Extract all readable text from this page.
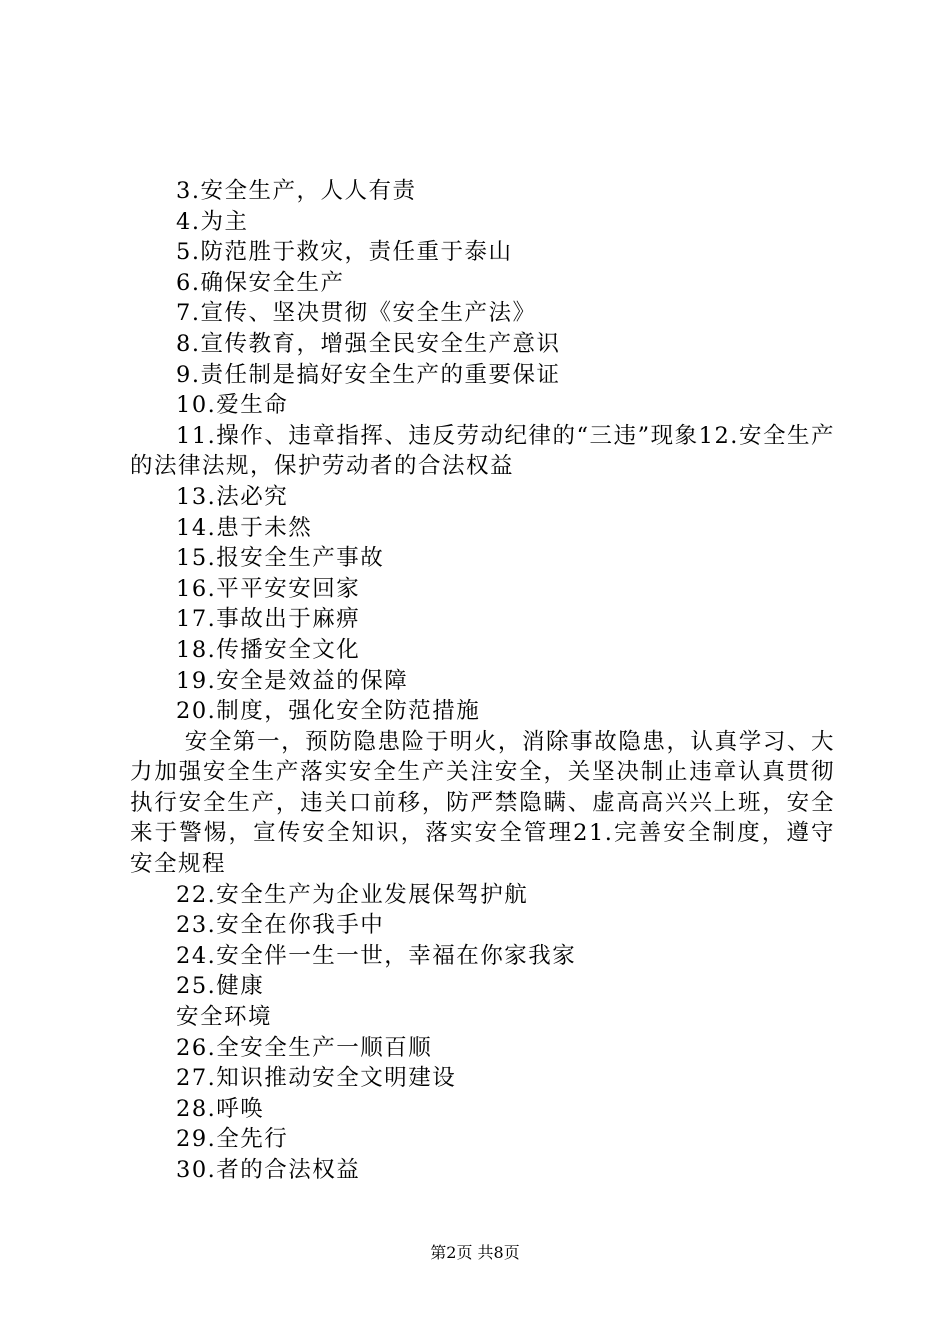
3.安全生产，人人有责

4.为主

5.防范胜于救灾，责任重于泰山

6.确保安全生产

7.宣传、坚决贯彻《安全生产法》

8.宣传教育，增强全民安全生产意识

9.责任制是搞好安全生产的重要保证

10.爱生命

11.操作、违章指挥、违反劳动纪律的“三违”现象12.安全生产的法律法规，保护劳动者的合法权益

13.法必究

14.患于未然

15.报安全生产事故

16.平平安安回家

17.事故出于麻痹

18.传播安全文化

19.安全是效益的保障

20.制度，强化安全防范措施

安全第一，预防隐患险于明火，消除事故隐患，认真学习、大力加强安全生产落实安全生产关注安全，关坚决制止违章认真贯彻执行安全生产，违关口前移，防严禁隐瞒、虚高高兴兴上班，安全来于警惕，宣传安全知识，落实安全管理21.完善安全制度，遵守安全规程

22.安全生产为企业发展保驾护航

23.安全在你我手中

24.安全伴一生一世，幸福在你家我家

25.健康

安全环境

26.全安全生产一顺百顺

27.知识推动安全文明建设

28.呼唤

29.全先行

30.者的合法权益

第2页 共8页
